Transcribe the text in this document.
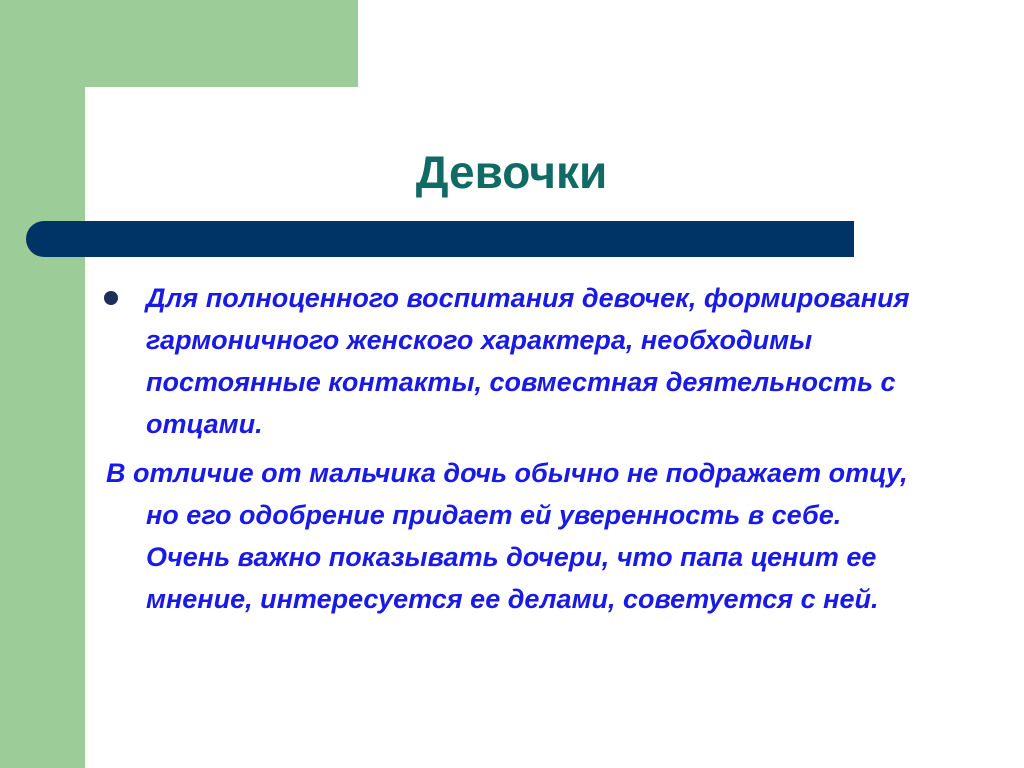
Девочки

Для полноценного воспитания девочек, формирования гармоничного женского характера, необходимы постоянные контакты, совместная деятельность с отцами.

В отличие от мальчика дочь обычно не подражает отцу, но его одобрение придает ей уверенность в себе. Очень важно показывать дочери, что папа ценит ее мнение, интересуется ее делами, советуется с ней.
